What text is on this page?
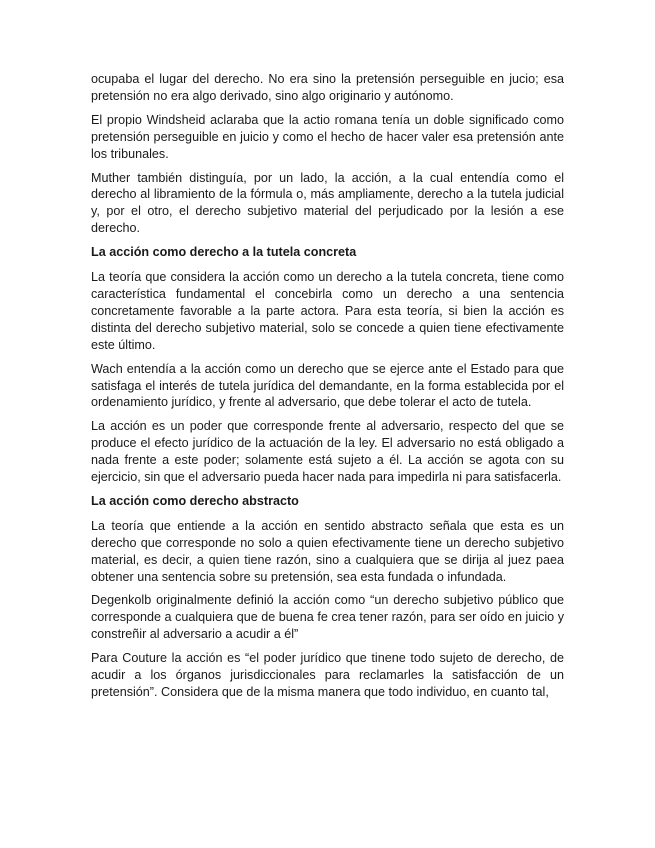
ocupaba el lugar del derecho. No era sino la pretensión perseguible en jucio; esa pretensión no era algo derivado, sino algo originario y autónomo.

El propio Windsheid aclaraba que la actio romana tenía un doble significado como pretensión perseguible en juicio y como el hecho de hacer valer esa pretensión ante los tribunales.

Muther también distinguía, por un lado, la acción, a la cual entendía como el derecho al libramiento de la fórmula o, más ampliamente, derecho a la tutela judicial y, por el otro, el derecho subjetivo material del perjudicado por la lesión a ese derecho.

La acción como derecho a la tutela concreta

La teoría que considera la acción como un derecho a la tutela concreta, tiene como característica fundamental el concebirla como un derecho a una sentencia concretamente favorable a la parte actora. Para esta teoría, si bien la acción es distinta del derecho subjetivo material, solo se concede a quien tiene efectivamente este último.

Wach entendía a la acción como un derecho que se ejerce ante el Estado para que satisfaga el interés de tutela jurídica del demandante, en la forma establecida por el ordenamiento jurídico, y frente al adversario, que debe tolerar el acto de tutela.

La acción es un poder que corresponde frente al adversario, respecto del que se produce el efecto jurídico de la actuación de la ley. El adversario no está obligado a nada frente a este poder; solamente está sujeto a él. La acción se agota con su ejercicio, sin que el adversario pueda hacer nada para impedirla ni para satisfacerla.

La acción como derecho abstracto

La teoría que entiende a la acción en sentido abstracto señala que esta es un derecho que corresponde no solo a quien efectivamente tiene un derecho subjetivo material, es decir, a quien tiene razón, sino a cualquiera que se dirija al juez paea obtener una sentencia sobre su pretensión, sea esta fundada o infundada.

Degenkolb originalmente definió la acción como “un derecho subjetivo público que corresponde a cualquiera que de buena fe crea tener razón, para ser oído en juicio y constreñir al adversario a acudir a él”

Para Couture la acción es “el poder jurídico que tinene todo sujeto de derecho, de acudir a los órganos jurisdiccionales para reclamarles la satisfacción de un pretensión”. Considera que de la misma manera que todo individuo, en cuanto tal,
